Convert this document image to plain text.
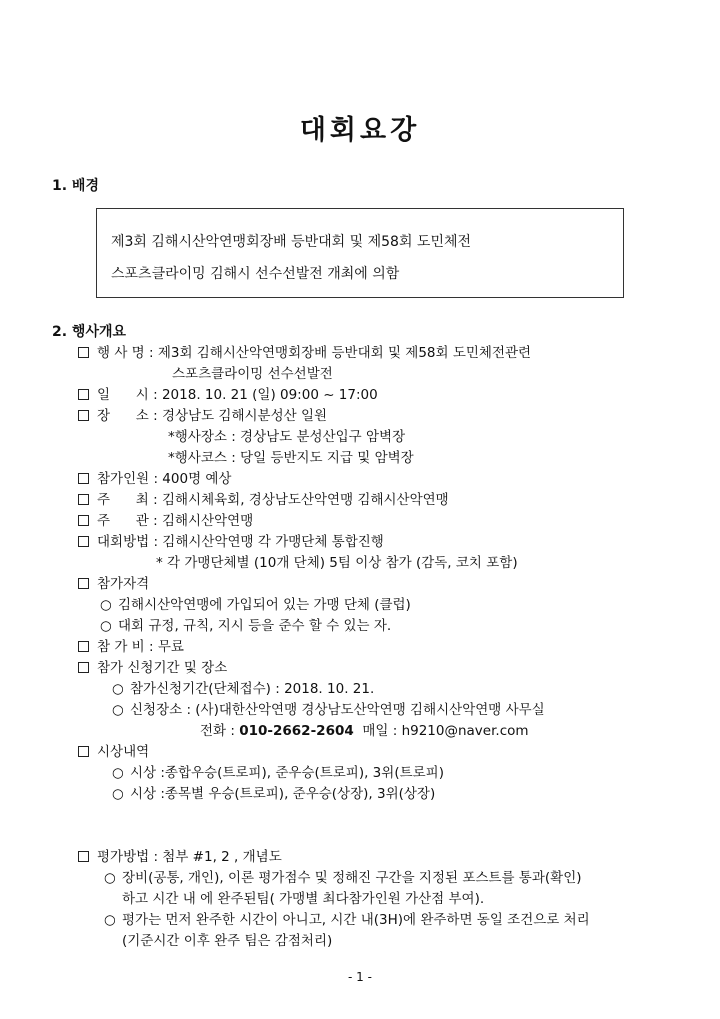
대회요강
1. 배경
제3회 김해시산악연맹회장배 등반대회 및 제58회 도민체전
스포츠클라이밍 김해시 선수선발전 개최에 의함
2. 행사개요
행 사 명 : 제3회 김해시산악연맹회장배 등반대회 및 제58회 도민체전관련
스포츠클라이밍 선수선발전
일      시 : 2018. 10. 21 (일) 09:00 ~ 17:00
장      소 : 경상남도 김해시분성산 일원
*행사장소 : 경상남도 분성산입구 암벽장
*행사코스 : 당일 등반지도 지급 및 암벽장
참가인원 : 400명 예상
주      최 : 김해시체육회, 경상남도산악연맹 김해시산악연맹
주      관 : 김해시산악연맹
대회방법 : 김해시산악연맹 각 가맹단체 통합진행
* 각 가맹단체별 (10개 단체) 5팀 이상 참가 (감독, 코치 포함)
참가자격
○ 김해시산악연맹에 가입되어 있는 가맹 단체 (클럽)
○ 대회 규정, 규칙, 지시 등을 준수 할 수 있는 자.
참 가 비 : 무료
참가 신청기간 및 장소
○ 참가신청기간(단체접수) : 2018. 10. 21.
○ 신청장소 : (사)대한산악연맹 경상남도산악연맹 김해시산악연맹 사무실
전화 : 010-2662-2604  매일 : h9210@naver.com
시상내역
○ 시상 :종합우승(트로피), 준우승(트로피), 3위(트로피)
○ 시상 :종목별 우승(트로피), 준우승(상장), 3위(상장)
평가방법 : 첨부 #1, 2 , 개념도
○ 장비(공통, 개인), 이론 평가점수 및 정해진 구간을 지정된 포스트를 통과(확인)
하고 시간 내 에 완주된팀( 가맹별 최다참가인원 가산점 부여).
○ 평가는 먼저 완주한 시간이 아니고, 시간 내(3H)에 완주하면 동일 조건으로 처리
(기준시간 이후 완주 팀은 감점처리)
- 1 -
